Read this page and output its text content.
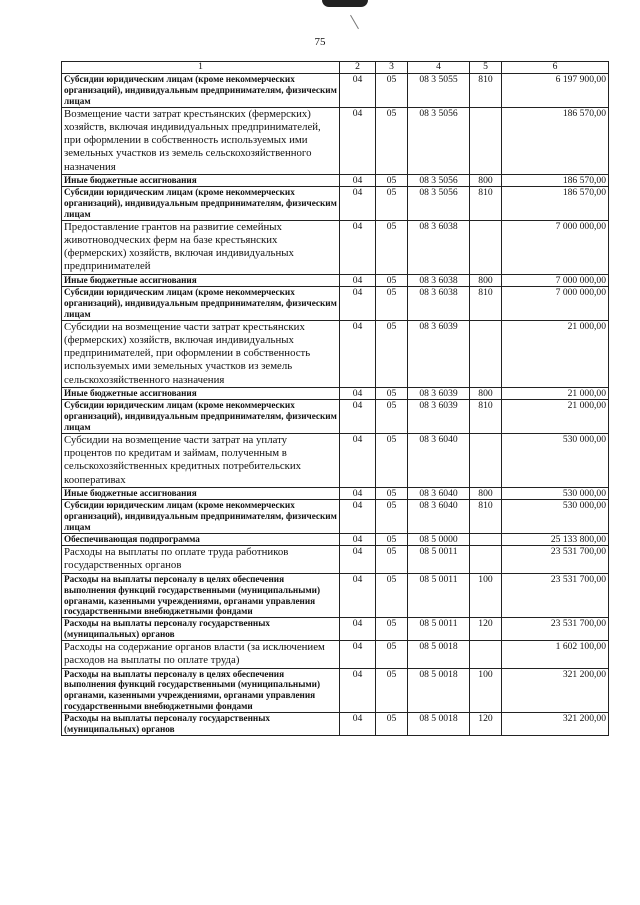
75
1	2	3	4	5	6
Субсидии юридическим лицам (кроме некоммерческих организаций), индивидуальным предпринимателям, физическим лицам	04	05	08 3 5055	810	6 197 900,00
Возмещение части затрат крестьянских (фермерских) хозяйств, включая индивидуальных предпринимателей, при оформлении в собственность используемых ими земельных участков из земель сельскохозяйственного назначения	04	05	08 3 5056		186 570,00
Иные бюджетные ассигнования	04	05	08 3 5056	800	186 570,00
Субсидии юридическим лицам (кроме некоммерческих организаций), индивидуальным предпринимателям, физическим лицам	04	05	08 3 5056	810	186 570,00
Предоставление грантов на развитие семейных животноводческих ферм на базе крестьянских (фермерских) хозяйств, включая индивидуальных предпринимателей	04	05	08 3 6038		7 000 000,00
Иные бюджетные ассигнования	04	05	08 3 6038	800	7 000 000,00
Субсидии юридическим лицам (кроме некоммерческих организаций), индивидуальным предпринимателям, физическим лицам	04	05	08 3 6038	810	7 000 000,00
Субсидии на возмещение части затрат крестьянских (фермерских) хозяйств, включая индивидуальных предпринимателей, при оформлении в собственность используемых ими земельных участков из земель сельскохозяйственного назначения	04	05	08 3 6039		21 000,00
Иные бюджетные ассигнования	04	05	08 3 6039	800	21 000,00
Субсидии юридическим лицам (кроме некоммерческих организаций), индивидуальным предпринимателям, физическим лицам	04	05	08 3 6039	810	21 000,00
Субсидии на возмещение части затрат на уплату процентов по кредитам и займам, полученным в сельскохозяйственных кредитных потребительских кооперативах	04	05	08 3 6040		530 000,00
Иные бюджетные ассигнования	04	05	08 3 6040	800	530 000,00
Субсидии юридическим лицам (кроме некоммерческих организаций), индивидуальным предпринимателям, физическим лицам	04	05	08 3 6040	810	530 000,00
Обеспечивающая подпрограмма	04	05	08 5 0000		25 133 800,00
Расходы на выплаты по оплате труда работников государственных органов	04	05	08 5 0011		23 531 700,00
Расходы на выплаты персоналу в целях обеспечения выполнения функций государственными (муниципальными) органами, казенными учреждениями, органами управления государственными внебюджетными фондами	04	05	08 5 0011	100	23 531 700,00
Расходы на выплаты персоналу государственных (муниципальных) органов	04	05	08 5 0011	120	23 531 700,00
Расходы на содержание органов власти (за исключением расходов на выплаты по оплате труда)	04	05	08 5 0018		1 602 100,00
Расходы на выплаты персоналу в целях обеспечения выполнения функций государственными (муниципальными) органами, казенными учреждениями, органами управления государственными внебюджетными фондами	04	05	08 5 0018	100	321 200,00
Расходы на выплаты персоналу государственных (муниципальных) органов	04	05	08 5 0018	120	321 200,00
